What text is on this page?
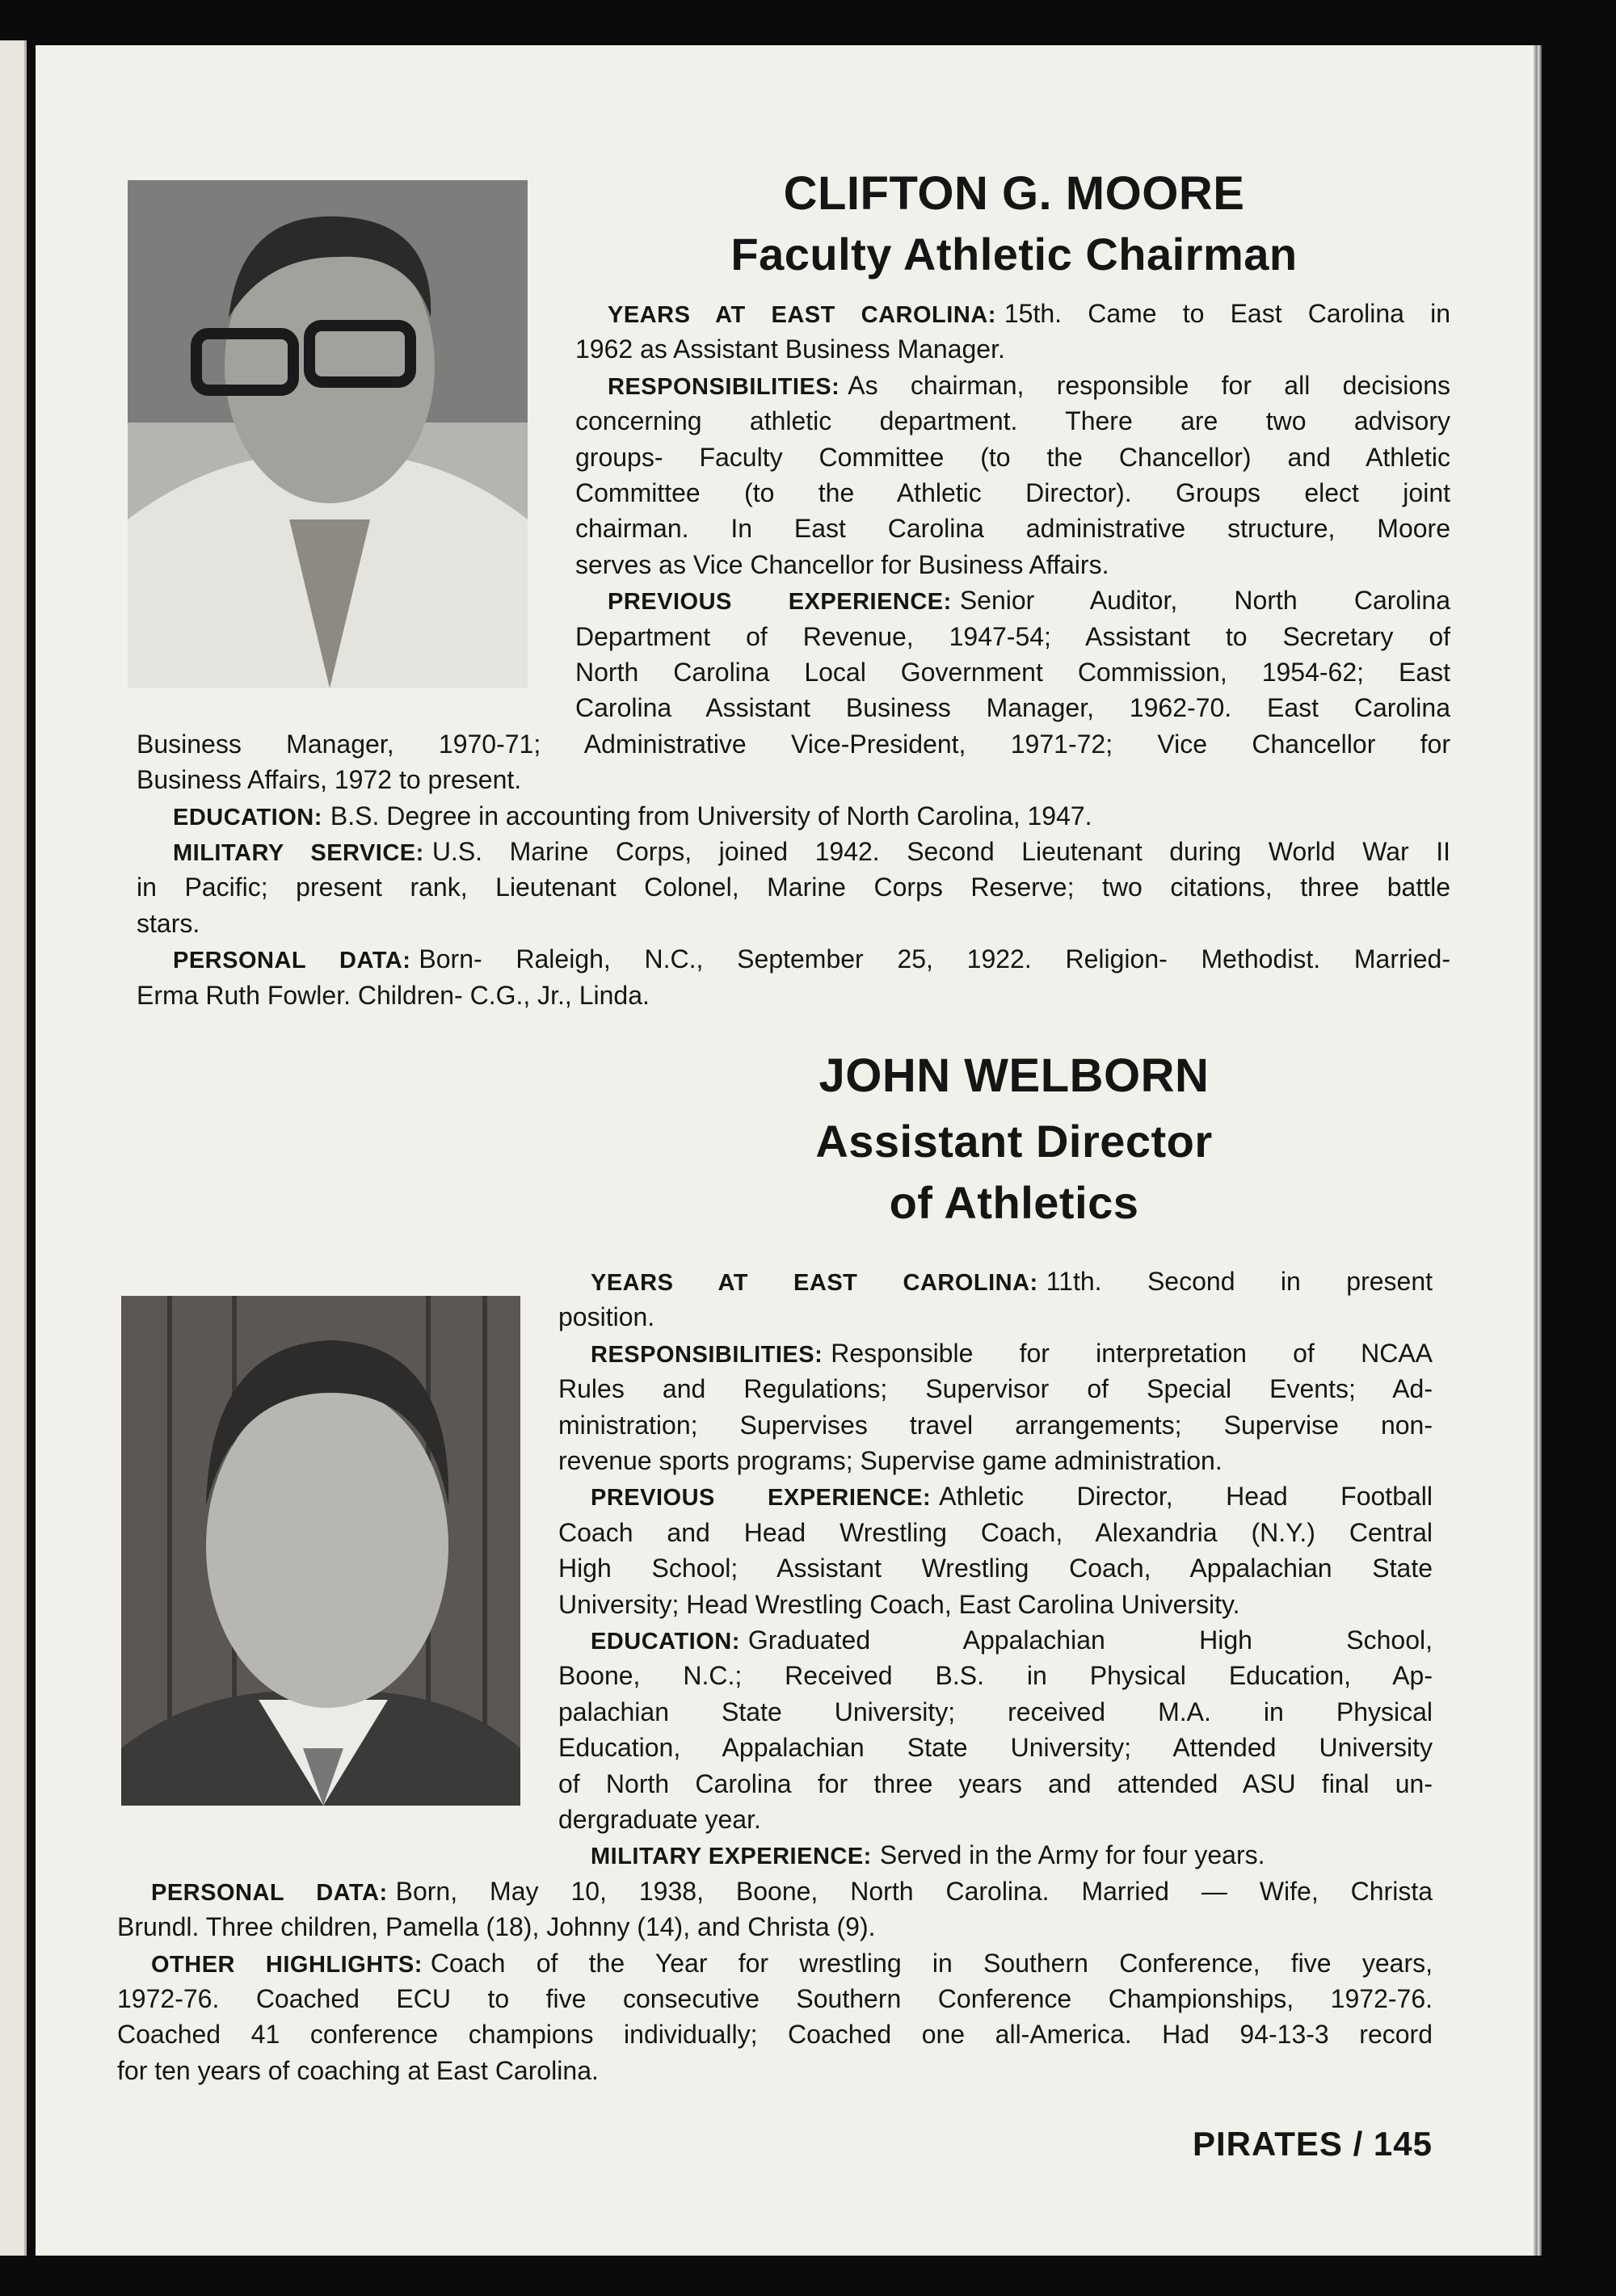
CLIFTON G. MOORE
Faculty Athletic Chairman
YEARS AT EAST CAROLINA: 15th. Came to East Carolina in
1962 as Assistant Business Manager.
RESPONSIBILITIES: As chairman, responsible for all decisions
concerning athletic department. There are two advisory
groups- Faculty Committee (to the Chancellor) and Athletic
Committee (to the Athletic Director). Groups elect joint
chairman. In East Carolina administrative structure, Moore
serves as Vice Chancellor for Business Affairs.
PREVIOUS EXPERIENCE: Senior Auditor, North Carolina
Department of Revenue, 1947-54; Assistant to Secretary of
North Carolina Local Government Commission, 1954-62; East
Carolina Assistant Business Manager, 1962-70. East Carolina
Business Manager, 1970-71; Administrative Vice-President, 1971-72; Vice Chancellor for
Business Affairs, 1972 to present.
EDUCATION: B.S. Degree in accounting from University of North Carolina, 1947.
MILITARY SERVICE: U.S. Marine Corps, joined 1942. Second Lieutenant during World War II
in Pacific; present rank, Lieutenant Colonel, Marine Corps Reserve; two citations, three battle
stars.
PERSONAL DATA: Born- Raleigh, N.C., September 25, 1922. Religion- Methodist. Married-
Erma Ruth Fowler. Children- C.G., Jr., Linda.
JOHN WELBORN
Assistant Director
of Athletics
YEARS AT EAST CAROLINA: 11th. Second in present
position.
RESPONSIBILITIES: Responsible for interpretation of NCAA
Rules and Regulations; Supervisor of Special Events; Ad-
ministration; Supervises travel arrangements; Supervise non-
revenue sports programs; Supervise game administration.
PREVIOUS EXPERIENCE: Athletic Director, Head Football
Coach and Head Wrestling Coach, Alexandria (N.Y.) Central
High School; Assistant Wrestling Coach, Appalachian State
University; Head Wrestling Coach, East Carolina University.
EDUCATION: Graduated Appalachian High School,
Boone, N.C.; Received B.S. in Physical Education, Ap-
palachian State University; received M.A. in Physical
Education, Appalachian State University; Attended University
of North Carolina for three years and attended ASU final un-
dergraduate year.
MILITARY EXPERIENCE: Served in the Army for four years.
PERSONAL DATA: Born, May 10, 1938, Boone, North Carolina. Married — Wife, Christa
Brundl. Three children, Pamella (18), Johnny (14), and Christa (9).
OTHER HIGHLIGHTS: Coach of the Year for wrestling in Southern Conference, five years,
1972-76. Coached ECU to five consecutive Southern Conference Championships, 1972-76.
Coached 41 conference champions individually; Coached one all-America. Had 94-13-3 record
for ten years of coaching at East Carolina.
PIRATES / 145
